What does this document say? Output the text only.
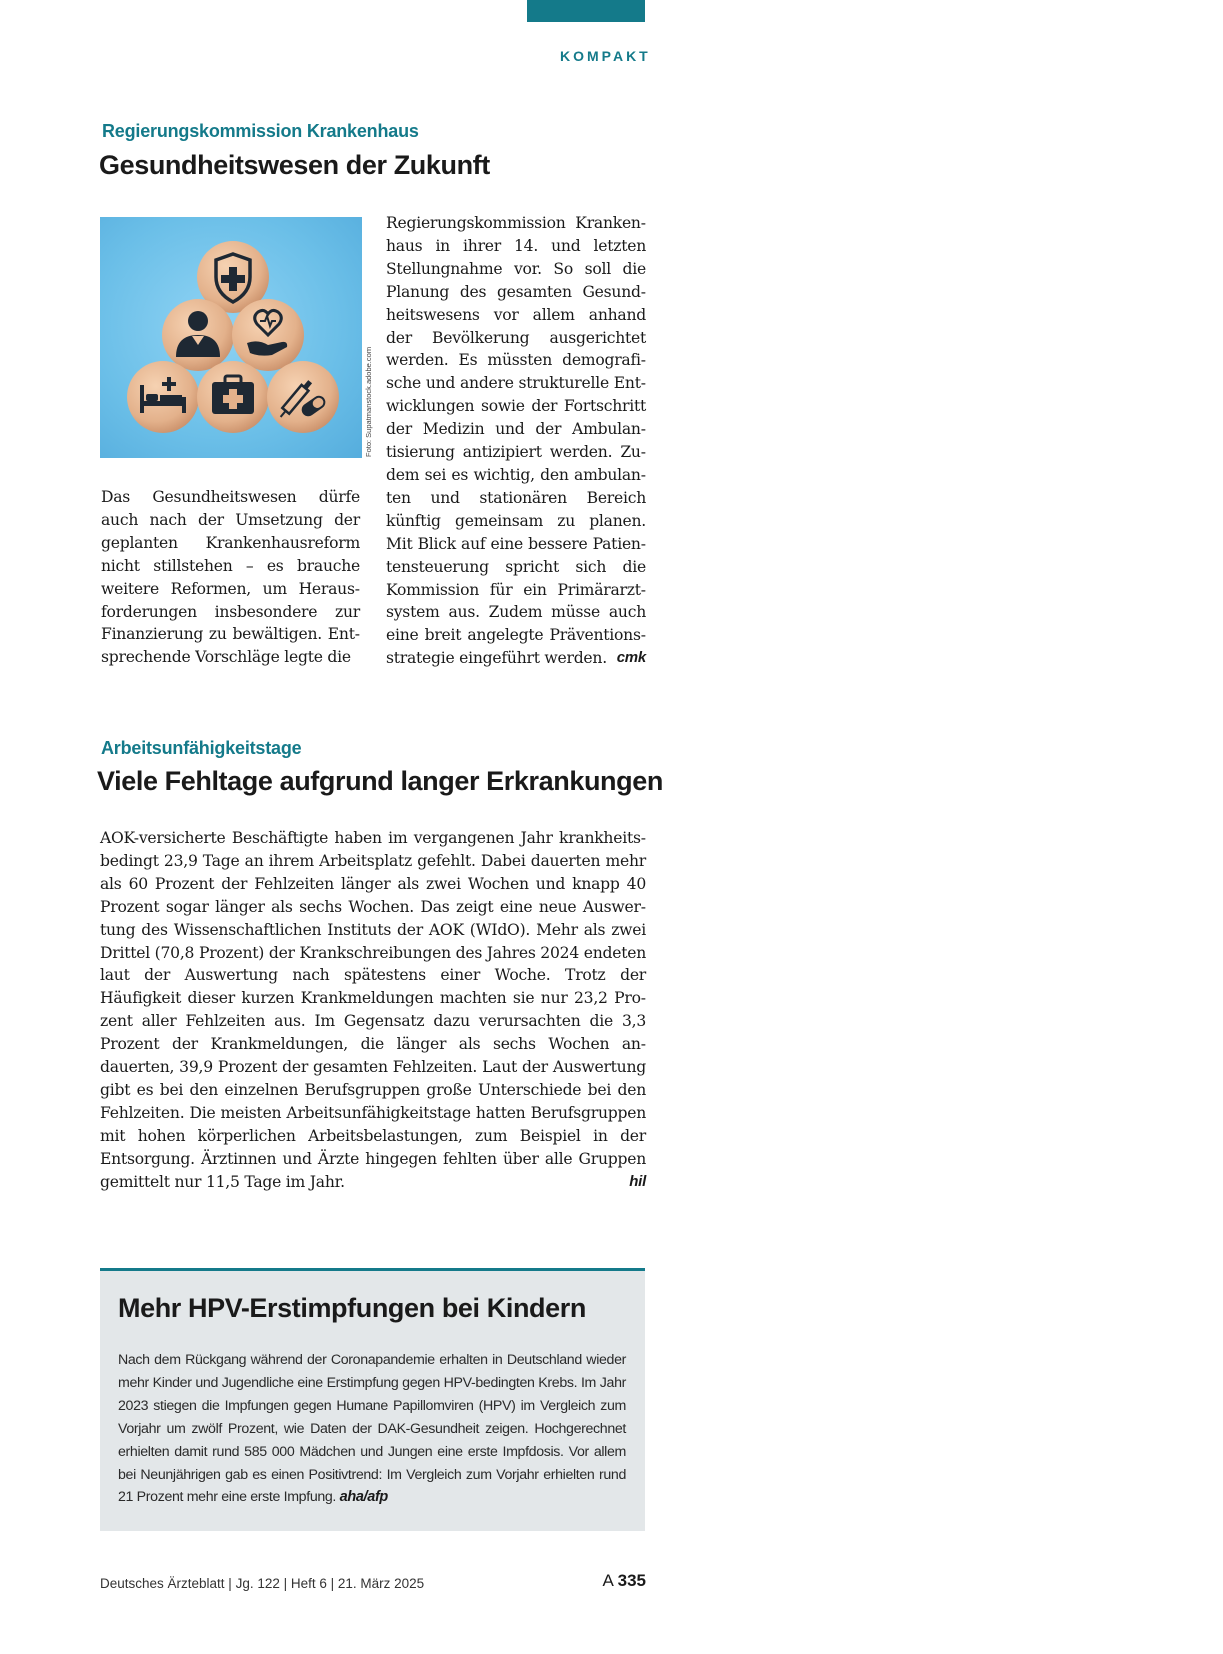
KOMPAKT
Regierungskommission Krankenhaus
Gesundheitswesen der Zukunft
Foto: Supatmanstock.adobe.com
Das Gesundheitswesen dürfe auch nach der Umsetzung der geplanten Krankenhausreform nicht stillstehen – es brauche weitere Reformen, um Herausforderungen insbesondere zur Finanzierung zu bewältigen. Entsprechende Vorschläge legte die
Regierungskommission Krankenhaus in ihrer 14. und letzten Stellungnahme vor. So soll die Planung des gesamten Gesundheitswesens vor allem anhand der Bevölkerung ausgerichtet werden. Es müssten demografische und andere strukturelle Entwicklungen sowie der Fortschritt der Medizin und der Ambulantisierung antizipiert werden. Zudem sei es wichtig, den ambulanten und stationären Bereich künftig gemeinsam zu planen. Mit Blick auf eine bessere Patientensteuerung spricht sich die Kommission für ein Primärarztsystem aus. Zudem müsse auch eine breit angelegte Präventionsstrategie eingeführt werden. cmk
Arbeitsunfähigkeitstage
Viele Fehltage aufgrund langer Erkrankungen
AOK-versicherte Beschäftigte haben im vergangenen Jahr krankheitsbedingt 23,9 Tage an ihrem Arbeitsplatz gefehlt. Dabei dauerten mehr als 60 Prozent der Fehlzeiten länger als zwei Wochen und knapp 40 Prozent sogar länger als sechs Wochen. Das zeigt eine neue Auswertung des Wissenschaftlichen Instituts der AOK (WIdO). Mehr als zwei Drittel (70,8 Prozent) der Krankschreibungen des Jahres 2024 endeten laut der Auswertung nach spätestens einer Woche. Trotz der Häufigkeit dieser kurzen Krankmeldungen machten sie nur 23,2 Prozent aller Fehlzeiten aus. Im Gegensatz dazu verursachten die 3,3 Prozent der Krankmeldungen, die länger als sechs Wochen andauerten, 39,9 Prozent der gesamten Fehlzeiten. Laut der Auswertung gibt es bei den einzelnen Berufsgruppen große Unterschiede bei den Fehlzeiten. Die meisten Arbeitsunfähigkeitstage hatten Berufsgruppen mit hohen körperlichen Arbeitsbelastungen, zum Beispiel in der Entsorgung. Ärztinnen und Ärzte hingegen fehlten über alle Gruppen gemittelt nur 11,5 Tage im Jahr.	hil
Mehr HPV-Erstimpfungen bei Kindern
Nach dem Rückgang während der Coronapandemie erhalten in Deutschland wieder mehr Kinder und Jugendliche eine Erstimpfung gegen HPV-bedingten Krebs. Im Jahr 2023 stiegen die Impfungen gegen Humane Papillomviren (HPV) im Vergleich zum Vorjahr um zwölf Prozent, wie Daten der DAK-Gesundheit zeigen. Hochgerechnet erhielten damit rund 585 000 Mädchen und Jungen eine erste Impfdosis. Vor allem bei Neunjährigen gab es einen Positivtrend: Im Vergleich zum Vorjahr erhielten rund 21 Prozent mehr eine erste Impfung. aha/afp
Deutsches Ärzteblatt | Jg. 122 | Heft 6 | 21. März 2025	A 335
